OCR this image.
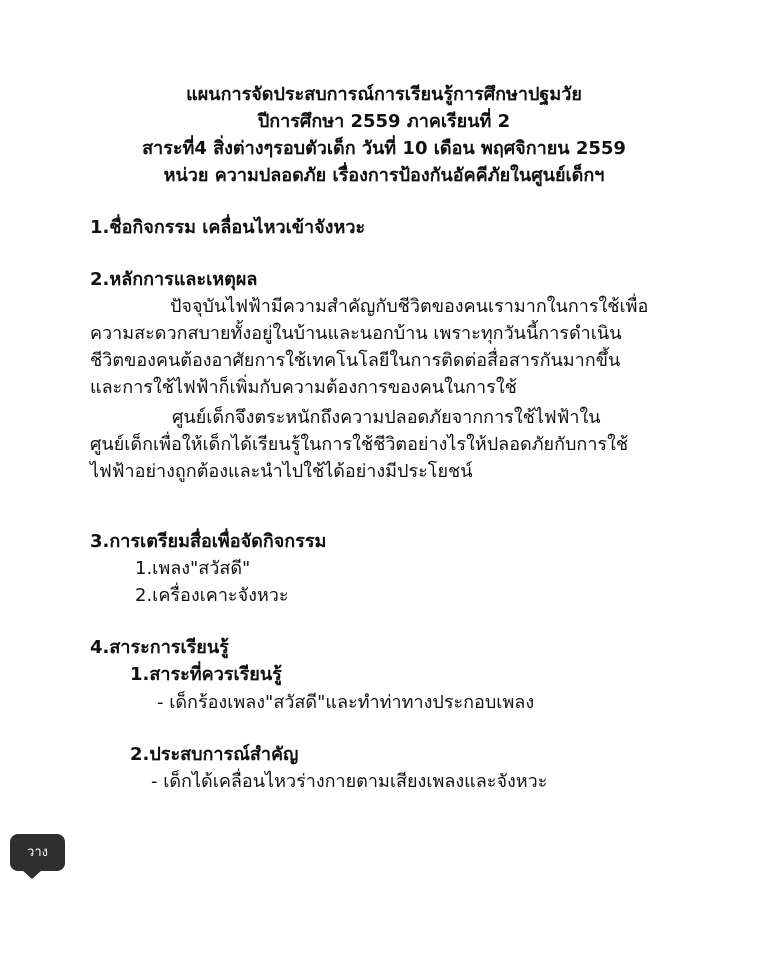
แผนการจัดประสบการณ์การเรียนรู้การศึกษาปฐมวัย
ปีการศึกษา 2559 ภาคเรียนที่ 2
สาระที่4 สิ่งต่างๆรอบตัวเด็ก วันที่ 10 เดือน พฤศจิกายน 2559
หน่วย ความปลอดภัย เรื่องการป้องกันอัคคีภัยในศูนย์เด็กฯ
1.ชื่อกิจกรรม เคลื่อนไหวเข้าจังหวะ
2.หลักการและเหตุผล
ปัจจุบันไฟฟ้ามีความสำคัญกับชีวิตของคนเรามากในการใช้เพื่อ
ความสะดวกสบายทั้งอยู่ในบ้านและนอกบ้าน เพราะทุกวันนี้การดำเนิน
ชีวิตของคนต้องอาศัยการใช้เทคโนโลยีในการติดต่อสื่อสารกันมากขึ้น
และการใช้ไฟฟ้าก็เพิ่มกับความต้องการของคนในการใช้
ศูนย์เด็กจึงตระหนักถึงความปลอดภัยจากการใช้ไฟฟ้าใน
ศูนย์เด็กเพื่อให้เด็กได้เรียนรู้ในการใช้ชีวิตอย่างไรให้ปลอดภัยกับการใช้
ไฟฟ้าอย่างถูกต้องและนำไปใช้ได้อย่างมีประโยชน์
3.การเตรียมสื่อเพื่อจัดกิจกรรม
1.เพลง"สวัสดี"
2.เครื่องเคาะจังหวะ
4.สาระการเรียนรู้
1.สาระที่ควรเรียนรู้
- เด็กร้องเพลง"สวัสดี"และทำท่าทางประกอบเพลง
2.ประสบการณ์สำคัญ
- เด็กได้เคลื่อนไหวร่างกายตามเสียงเพลงและจังหวะ
วาง
